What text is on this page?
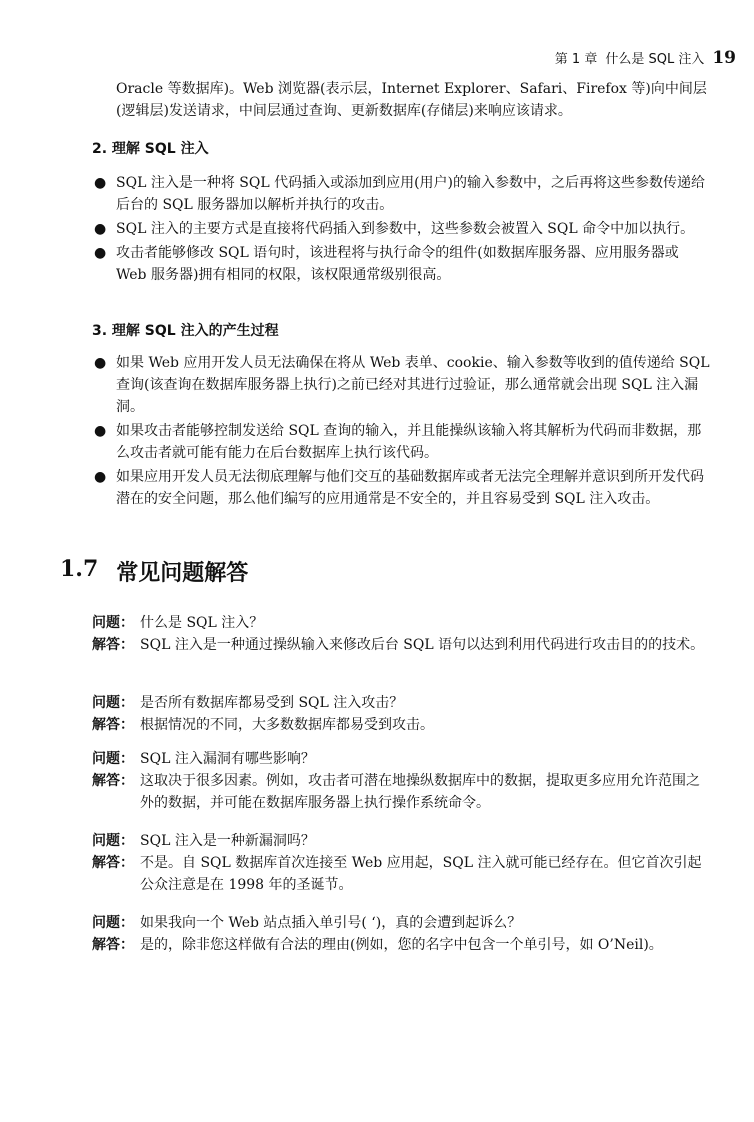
第 1 章 什么是 SQL 注入 19
Oracle 等数据库)。Web 浏览器(表示层，Internet Explorer、Safari、Firefox 等)向中间层(逻辑层)发送请求，中间层通过查询、更新数据库(存储层)来响应该请求。
2. 理解 SQL 注入
● SQL 注入是一种将 SQL 代码插入或添加到应用(用户)的输入参数中，之后再将这些参数传递给后台的 SQL 服务器加以解析并执行的攻击。
● SQL 注入的主要方式是直接将代码插入到参数中，这些参数会被置入 SQL 命令中加以执行。
● 攻击者能够修改 SQL 语句时，该进程将与执行命令的组件(如数据库服务器、应用服务器或 Web 服务器)拥有相同的权限，该权限通常级别很高。
3. 理解 SQL 注入的产生过程
● 如果 Web 应用开发人员无法确保在将从 Web 表单、cookie、输入参数等收到的值传递给 SQL 查询(该查询在数据库服务器上执行)之前已经对其进行过验证，那么通常就会出现 SQL 注入漏洞。
● 如果攻击者能够控制发送给 SQL 查询的输入，并且能操纵该输入将其解析为代码而非数据，那么攻击者就可能有能力在后台数据库上执行该代码。
● 如果应用开发人员无法彻底理解与他们交互的基础数据库或者无法完全理解并意识到所开发代码潜在的安全问题，那么他们编写的应用通常是不安全的，并且容易受到 SQL 注入攻击。
1.7 常见问题解答
问题： 什么是 SQL 注入？
解答： SQL 注入是一种通过操纵输入来修改后台 SQL 语句以达到利用代码进行攻击目的的技术。
问题： 是否所有数据库都易受到 SQL 注入攻击？
解答： 根据情况的不同，大多数数据库都易受到攻击。
问题： SQL 注入漏洞有哪些影响？
解答： 这取决于很多因素。例如，攻击者可潜在地操纵数据库中的数据，提取更多应用允许范围之外的数据，并可能在数据库服务器上执行操作系统命令。
问题： SQL 注入是一种新漏洞吗？
解答： 不是。自 SQL 数据库首次连接至 Web 应用起，SQL 注入就可能已经存在。但它首次引起公众注意是在 1998 年的圣诞节。
问题： 如果我向一个 Web 站点插入单引号( ‘)，真的会遭到起诉么？
解答： 是的，除非您这样做有合法的理由(例如，您的名字中包含一个单引号，如 O’Neil)。
